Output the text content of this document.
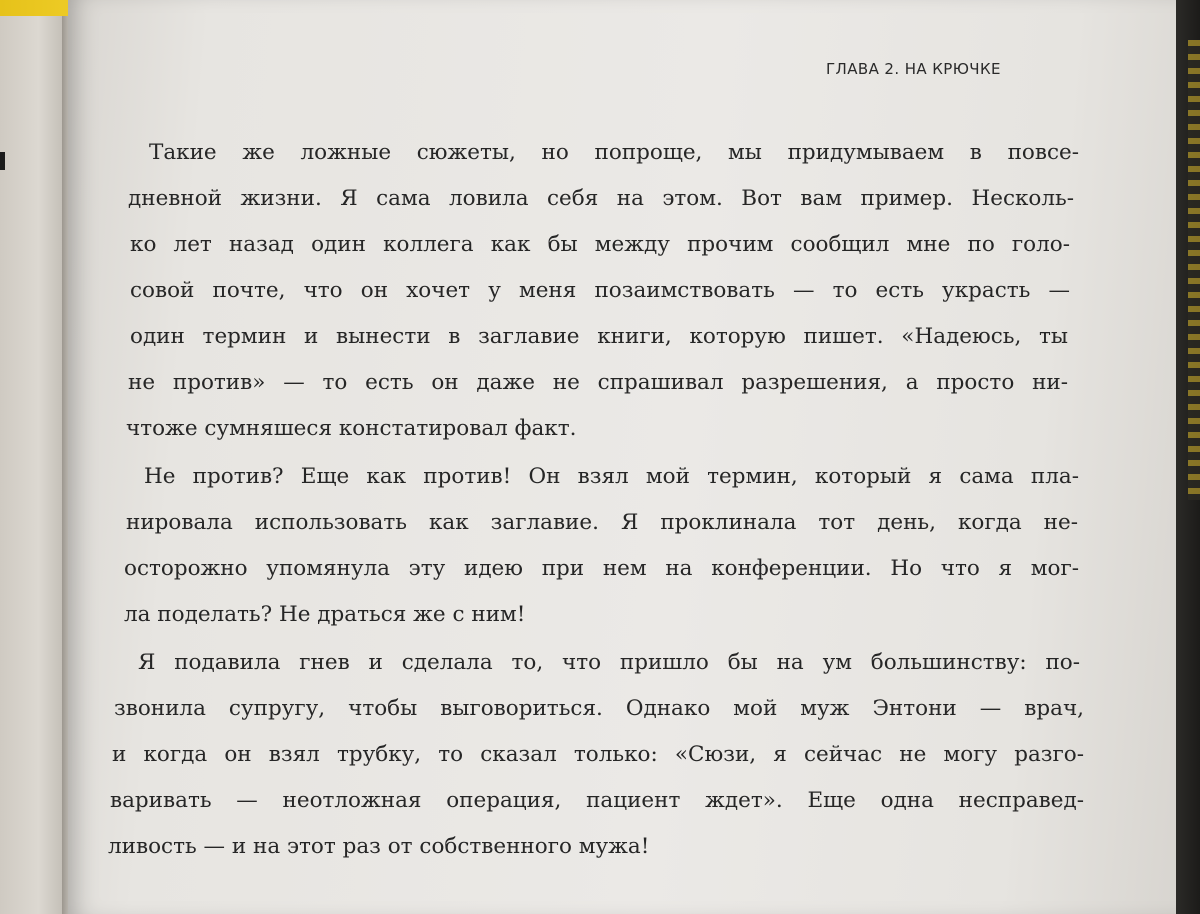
ГЛАВА 2. НА КРЮЧКЕ
Такие же ложные сюжеты, но попроще, мы придумываем в повсе-
дневной жизни. Я сама ловила себя на этом. Вот вам пример. Несколь-
ко лет назад один коллега как бы между прочим сообщил мне по голо-
совой почте, что он хочет у меня позаимствовать — то есть украсть —
один термин и вынести в заглавие книги, которую пишет. «Надеюсь, ты
не против» — то есть он даже не спрашивал разрешения, а просто ни-
чтоже сумняшеся констатировал факт.
Не против? Еще как против! Он взял мой термин, который я сама пла-
нировала использовать как заглавие. Я проклинала тот день, когда не-
осторожно упомянула эту идею при нем на конференции. Но что я мог-
ла поделать? Не драться же с ним!
Я подавила гнев и сделала то, что пришло бы на ум большинству: по-
звонила супругу, чтобы выговориться. Однако мой муж Энтони — врач,
и когда он взял трубку, то сказал только: «Сюзи, я сейчас не могу разго-
варивать — неотложная операция, пациент ждет». Еще одна несправед-
ливость — и на этот раз от собственного мужа!
